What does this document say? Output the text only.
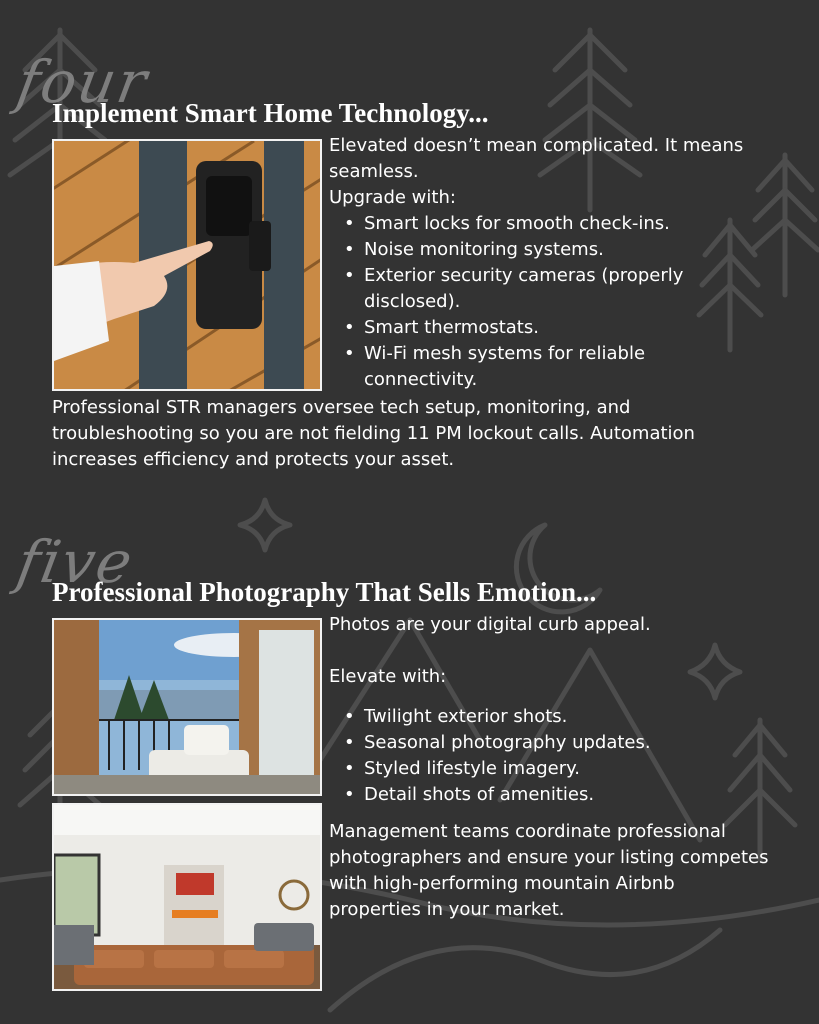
four
Implement Smart Home Technology...

Elevated doesn’t mean complicated. It means seamless.

Upgrade with:

• Smart locks for smooth check-ins.
• Noise monitoring systems.
• Exterior security cameras (properly disclosed).
• Smart thermostats.
• Wi-Fi mesh systems for reliable connectivity.
Professional STR managers oversee tech setup, monitoring, and troubleshooting so you are not fielding 11 PM lockout calls. Automation increases efficiency and protects your asset.
five
Professional Photography That Sells Emotion...

Photos are your digital curb appeal.

Elevate with:

• Twilight exterior shots.
• Seasonal photography updates.
• Styled lifestyle imagery.
• Detail shots of amenities.
Management teams coordinate professional photographers and ensure your listing competes with high-performing mountain Airbnb properties in your market.
